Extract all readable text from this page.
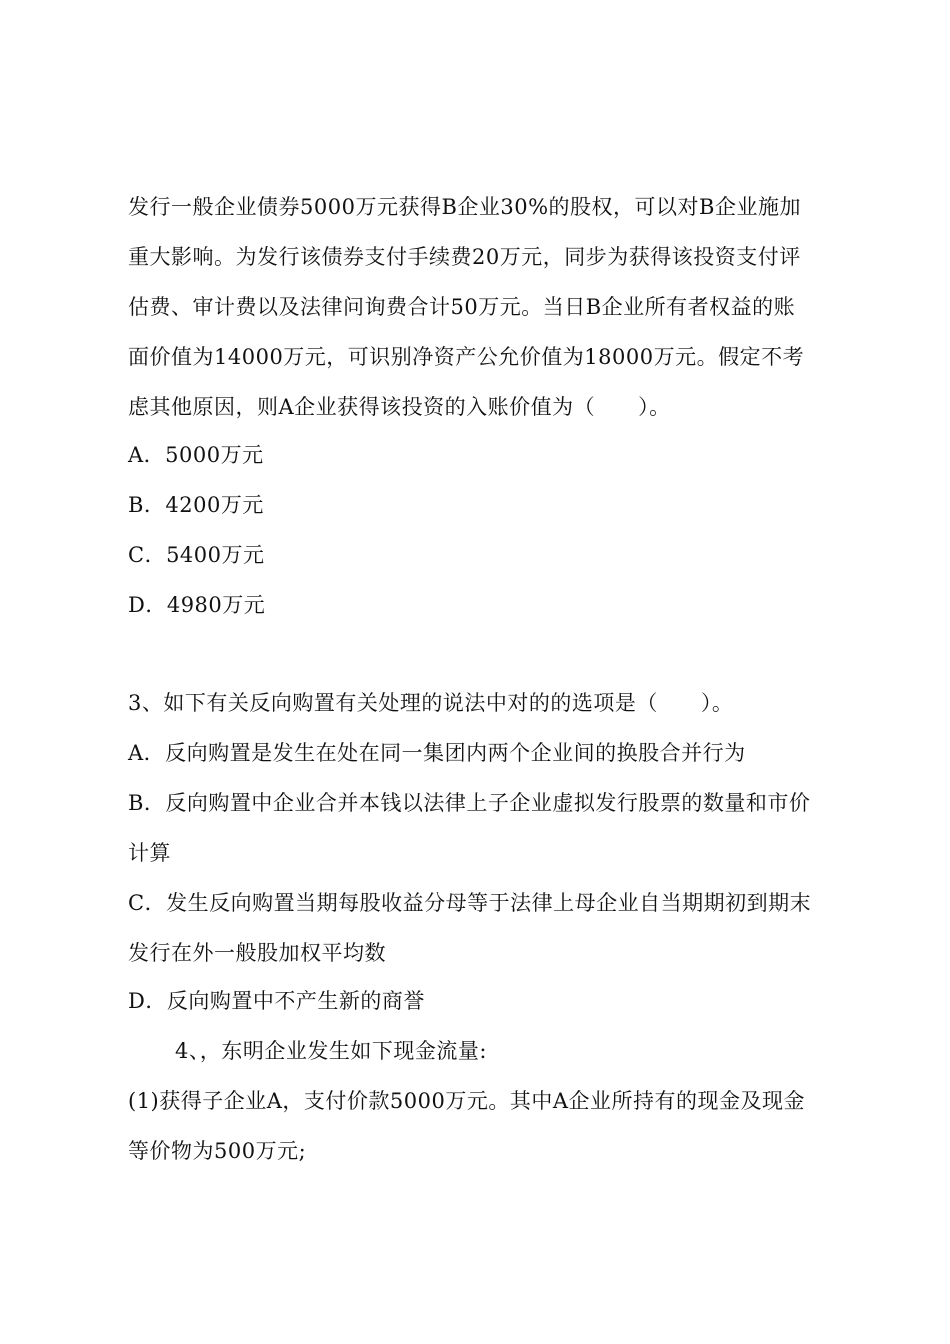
发行一般企业债券5000万元获得B企业30%的股权，可以对B企业施加
重大影响。为发行该债券支付手续费20万元，同步为获得该投资支付评
估费、审计费以及法律问询费合计50万元。当日B企业所有者权益的账
面价值为14000万元，可识别净资产公允价值为18000万元。假定不考
虑其他原因，则A企业获得该投资的入账价值为（　　）。
A．5000万元
B．4200万元
C．5400万元
D．4980万元
3、如下有关反向购置有关处理的说法中对的的选项是（　　）。
A．反向购置是发生在处在同一集团内两个企业间的换股合并行为
B．反向购置中企业合并本钱以法律上子企业虚拟发行股票的数量和市价
计算
C．发生反向购置当期每股收益分母等于法律上母企业自当期期初到期末
发行在外一般股加权平均数
D．反向购置中不产生新的商誉
4、，东明企业发生如下现金流量:
(1)获得子企业A，支付价款5000万元。其中A企业所持有的现金及现金
等价物为500万元;
